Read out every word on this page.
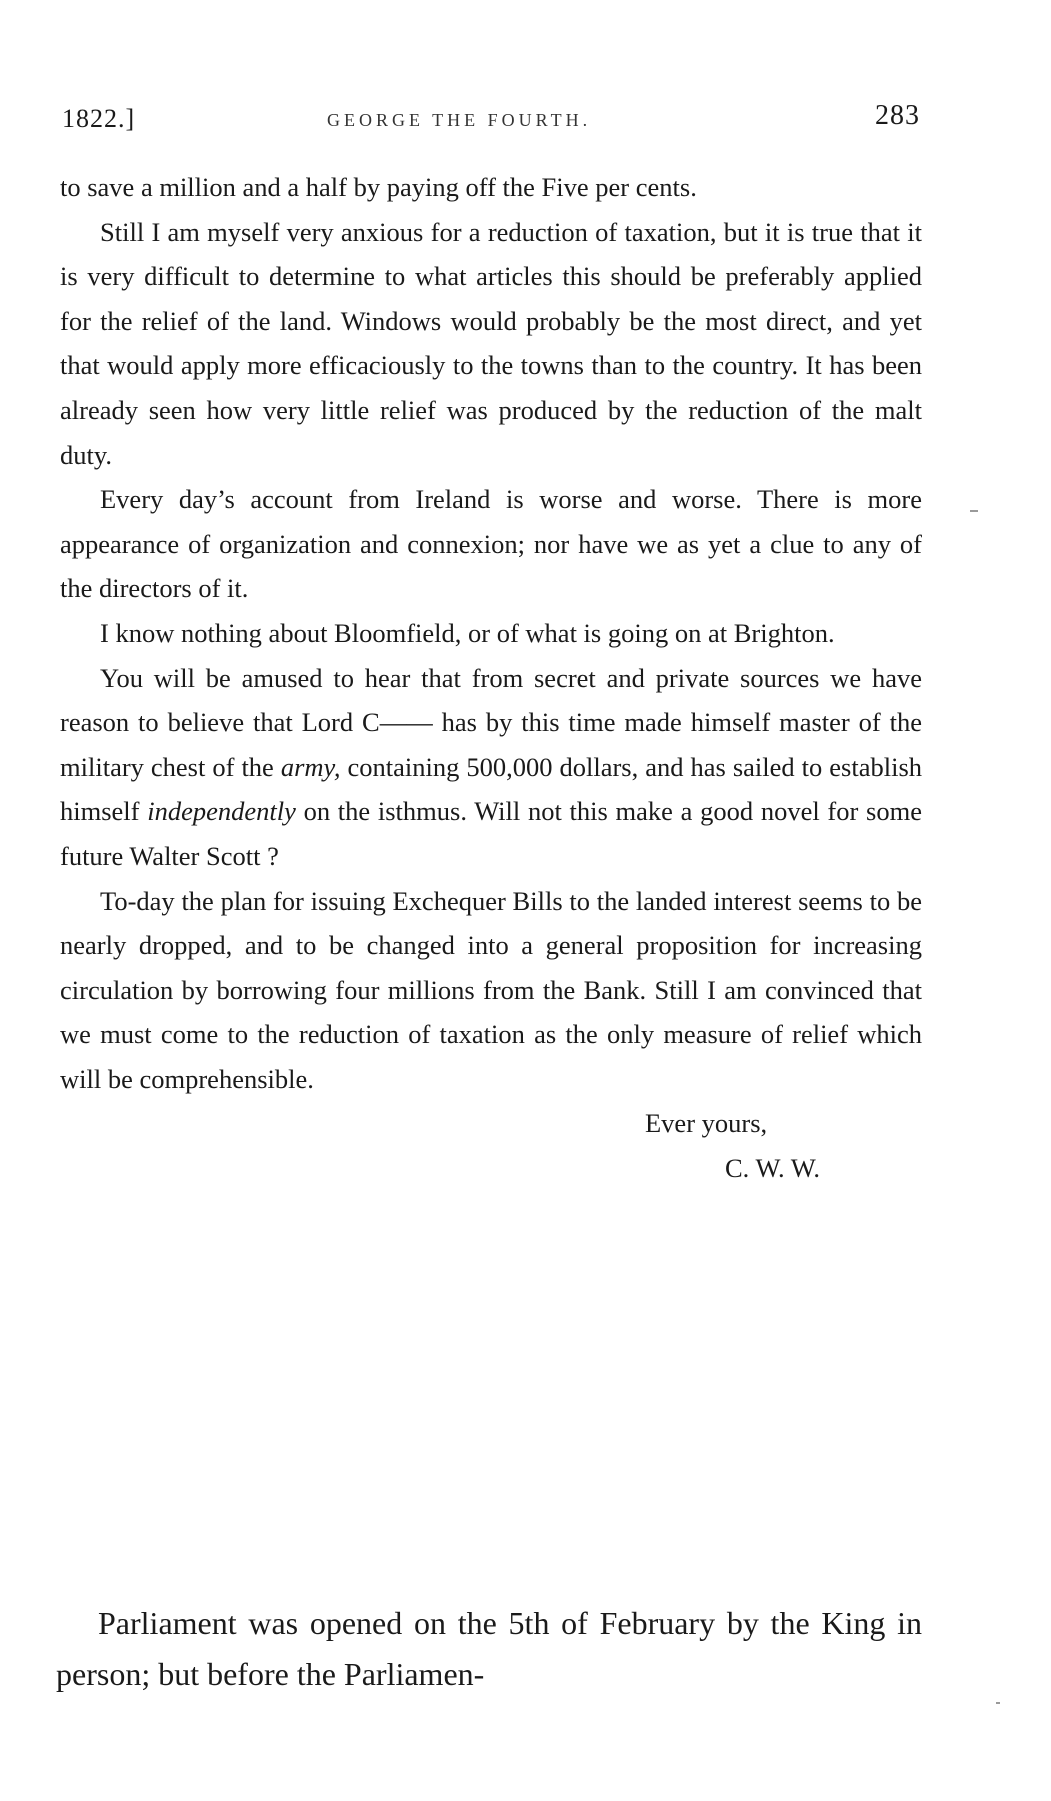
1822.]	GEORGE THE FOURTH.	283

to save a million and a half by paying off the Five per cents.

Still I am myself very anxious for a reduction of taxation, but it is true that it is very difficult to determine to what articles this should be preferably applied for the relief of the land. Windows would probably be the most direct, and yet that would apply more efficaciously to the towns than to the country. It has been already seen how very little relief was produced by the reduction of the malt duty.

Every day’s account from Ireland is worse and worse. There is more appearance of organization and connexion; nor have we as yet a clue to any of the directors of it.

I know nothing about Bloomfield, or of what is going on at Brighton.

You will be amused to hear that from secret and private sources we have reason to believe that Lord C—— has by this time made himself master of the military chest of the army, containing 500,000 dollars, and has sailed to establish himself independently on the isthmus. Will not this make a good novel for some future Walter Scott ?

To-day the plan for issuing Exchequer Bills to the landed interest seems to be nearly dropped, and to be changed into a general proposition for increasing circulation by borrowing four millions from the Bank. Still I am convinced that we must come to the reduction of taxation as the only measure of relief which will be comprehensible.

Ever yours,

C. W. W.

Parliament was opened on the 5th of February by the King in person; but before the Parliamen-
